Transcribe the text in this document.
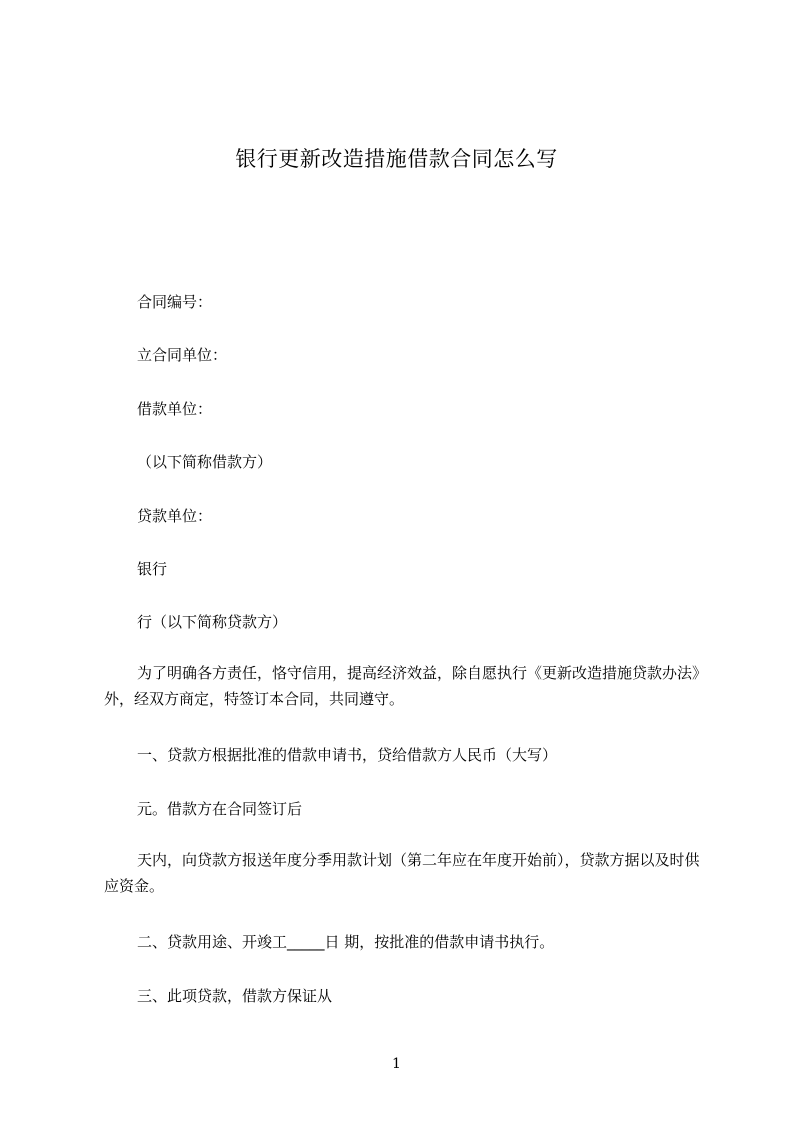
银行更新改造措施借款合同怎么写
合同编号：
立合同单位：
借款单位：
（以下简称借款方）
贷款单位：
银行
行（以下简称贷款方）
为了明确各方责任，恪守信用，提高经济效益，除自愿执行《更新改造措施贷款办法》外，经双方商定，特签订本合同，共同遵守。
一、贷款方根据批准的借款申请书，贷给借款方人民币（大写）
元。借款方在合同签订后
天内，向贷款方报送年度分季用款计划（第二年应在年度开始前），贷款方据以及时供应资金。
二、贷款用途、开竣工_____日 期，按批准的借款申请书执行。
三、此项贷款，借款方保证从
1
